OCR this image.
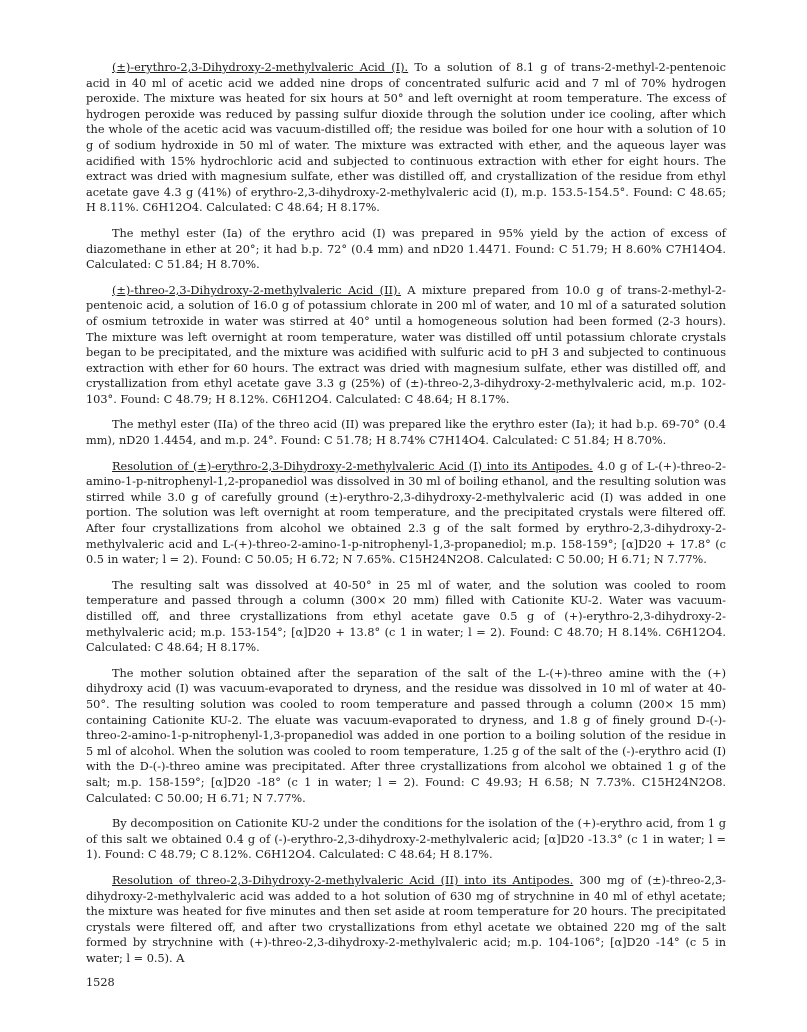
(±)-erythro-2,3-Dihydroxy-2-methylvaleric Acid (I). To a solution of 8.1 g of trans-2-methyl-2-pentenoic acid in 40 ml of acetic acid we added nine drops of concentrated sulfuric acid and 7 ml of 70% hydrogen peroxide. The mixture was heated for six hours at 50° and left overnight at room temperature. The excess of hydrogen peroxide was reduced by passing sulfur dioxide through the solution under ice cooling, after which the whole of the acetic acid was vacuum-distilled off; the residue was boiled for one hour with a solution of 10 g of sodium hydroxide in 50 ml of water. The mixture was extracted with ether, and the aqueous layer was acidified with 15% hydrochloric acid and subjected to continuous extraction with ether for eight hours. The extract was dried with magnesium sulfate, ether was distilled off, and crystallization of the residue from ethyl acetate gave 4.3 g (41%) of erythro-2,3-dihydroxy-2-methylvaleric acid (I), m.p. 153.5-154.5°. Found: C 48.65; H 8.11%. C6H12O4. Calculated: C 48.64; H 8.17%.

The methyl ester (Ia) of the erythro acid (I) was prepared in 95% yield by the action of excess of diazomethane in ether at 20°; it had b.p. 72° (0.4 mm) and nD20 1.4471. Found: C 51.79; H 8.60% C7H14O4. Calculated: C 51.84; H 8.70%.

(±)-threo-2,3-Dihydroxy-2-methylvaleric Acid (II). A mixture prepared from 10.0 g of trans-2-methyl-2-pentenoic acid, a solution of 16.0 g of potassium chlorate in 200 ml of water, and 10 ml of a saturated solution of osmium tetroxide in water was stirred at 40° until a homogeneous solution had been formed (2-3 hours). The mixture was left overnight at room temperature, water was distilled off until potassium chlorate crystals began to be precipitated, and the mixture was acidified with sulfuric acid to pH 3 and subjected to continuous extraction with ether for 60 hours. The extract was dried with magnesium sulfate, ether was distilled off, and crystallization from ethyl acetate gave 3.3 g (25%) of (±)-threo-2,3-dihydroxy-2-methylvaleric acid, m.p. 102-103°. Found: C 48.79; H 8.12%. C6H12O4. Calculated: C 48.64; H 8.17%.

The methyl ester (IIa) of the threo acid (II) was prepared like the erythro ester (Ia); it had b.p. 69-70° (0.4 mm), nD20 1.4454, and m.p. 24°. Found: C 51.78; H 8.74% C7H14O4. Calculated: C 51.84; H 8.70%.

Resolution of (±)-erythro-2,3-Dihydroxy-2-methylvaleric Acid (I) into its Antipodes. 4.0 g of L-(+)-threo-2-amino-1-p-nitrophenyl-1,2-propanediol was dissolved in 30 ml of boiling ethanol, and the resulting solution was stirred while 3.0 g of carefully ground (±)-erythro-2,3-dihydroxy-2-methylvaleric acid (I) was added in one portion. The solution was left overnight at room temperature, and the precipitated crystals were filtered off. After four crystallizations from alcohol we obtained 2.3 g of the salt formed by erythro-2,3-dihydroxy-2-methylvaleric acid and L-(+)-threo-2-amino-1-p-nitrophenyl-1,3-propanediol; m.p. 158-159°; [α]D20 + 17.8° (c 0.5 in water; l = 2). Found: C 50.05; H 6.72; N 7.65%. C15H24N2O8. Calculated: C 50.00; H 6.71; N 7.77%.

The resulting salt was dissolved at 40-50° in 25 ml of water, and the solution was cooled to room temperature and passed through a column (300× 20 mm) filled with Cationite KU-2. Water was vacuum-distilled off, and three crystallizations from ethyl acetate gave 0.5 g of (+)-erythro-2,3-dihydroxy-2-methylvaleric acid; m.p. 153-154°; [α]D20 + 13.8° (c 1 in water; l = 2). Found: C 48.70; H 8.14%. C6H12O4. Calculated: C 48.64; H 8.17%.

The mother solution obtained after the separation of the salt of the L-(+)-threo amine with the (+) dihydroxy acid (I) was vacuum-evaporated to dryness, and the residue was dissolved in 10 ml of water at 40-50°. The resulting solution was cooled to room temperature and passed through a column (200× 15 mm) containing Cationite KU-2. The eluate was vacuum-evaporated to dryness, and 1.8 g of finely ground D-(-)-threo-2-amino-1-p-nitrophenyl-1,3-propanediol was added in one portion to a boiling solution of the residue in 5 ml of alcohol. When the solution was cooled to room temperature, 1.25 g of the salt of the (-)-erythro acid (I) with the D-(-)-threo amine was precipitated. After three crystallizations from alcohol we obtained 1 g of the salt; m.p. 158-159°; [α]D20 -18° (c 1 in water; l = 2). Found: C 49.93; H 6.58; N 7.73%. C15H24N2O8. Calculated: C 50.00; H 6.71; N 7.77%.

By decomposition on Cationite KU-2 under the conditions for the isolation of the (+)-erythro acid, from 1 g of this salt we obtained 0.4 g of (-)-erythro-2,3-dihydroxy-2-methylvaleric acid; [α]D20 -13.3° (c 1 in water; l = 1). Found: C 48.79; C 8.12%. C6H12O4. Calculated: C 48.64; H 8.17%.

Resolution of threo-2,3-Dihydroxy-2-methylvaleric Acid (II) into its Antipodes. 300 mg of (±)-threo-2,3-dihydroxy-2-methylvaleric acid was added to a hot solution of 630 mg of strychnine in 40 ml of ethyl acetate; the mixture was heated for five minutes and then set aside at room temperature for 20 hours. The precipitated crystals were filtered off, and after two crystallizations from ethyl acetate we obtained 220 mg of the salt formed by strychnine with (+)-threo-2,3-dihydroxy-2-methylvaleric acid; m.p. 104-106°; [α]D20 -14° (c 5 in water; l = 0.5). A

1528
